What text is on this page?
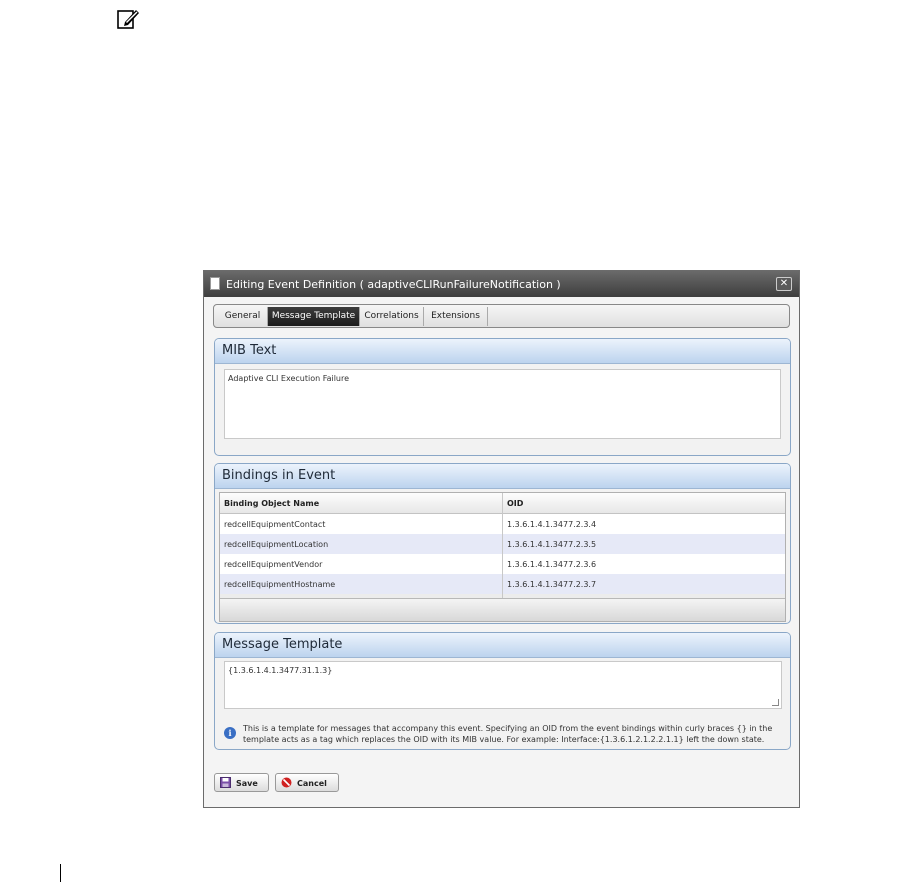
Editing Event Definition ( adaptiveCLIRunFailureNotification )	✕
General	Message Template	Correlations	Extensions
MIB Text
Adaptive CLI Execution Failure
Bindings in Event
Binding Object Name	OID
redcellEquipmentContact	1.3.6.1.4.1.3477.2.3.4
redcellEquipmentLocation	1.3.6.1.4.1.3477.2.3.5
redcellEquipmentVendor	1.3.6.1.4.1.3477.2.3.6
redcellEquipmentHostname	1.3.6.1.4.1.3477.2.3.7
Message Template
{1.3.6.1.4.1.3477.31.1.3}
i	This is a template for messages that accompany this event. Specifying an OID from the event bindings within curly braces {} in the template acts as a tag which replaces the OID with its MIB value. For example: Interface:{1.3.6.1.2.1.2.2.1.1} left the down state.
Save	Cancel
